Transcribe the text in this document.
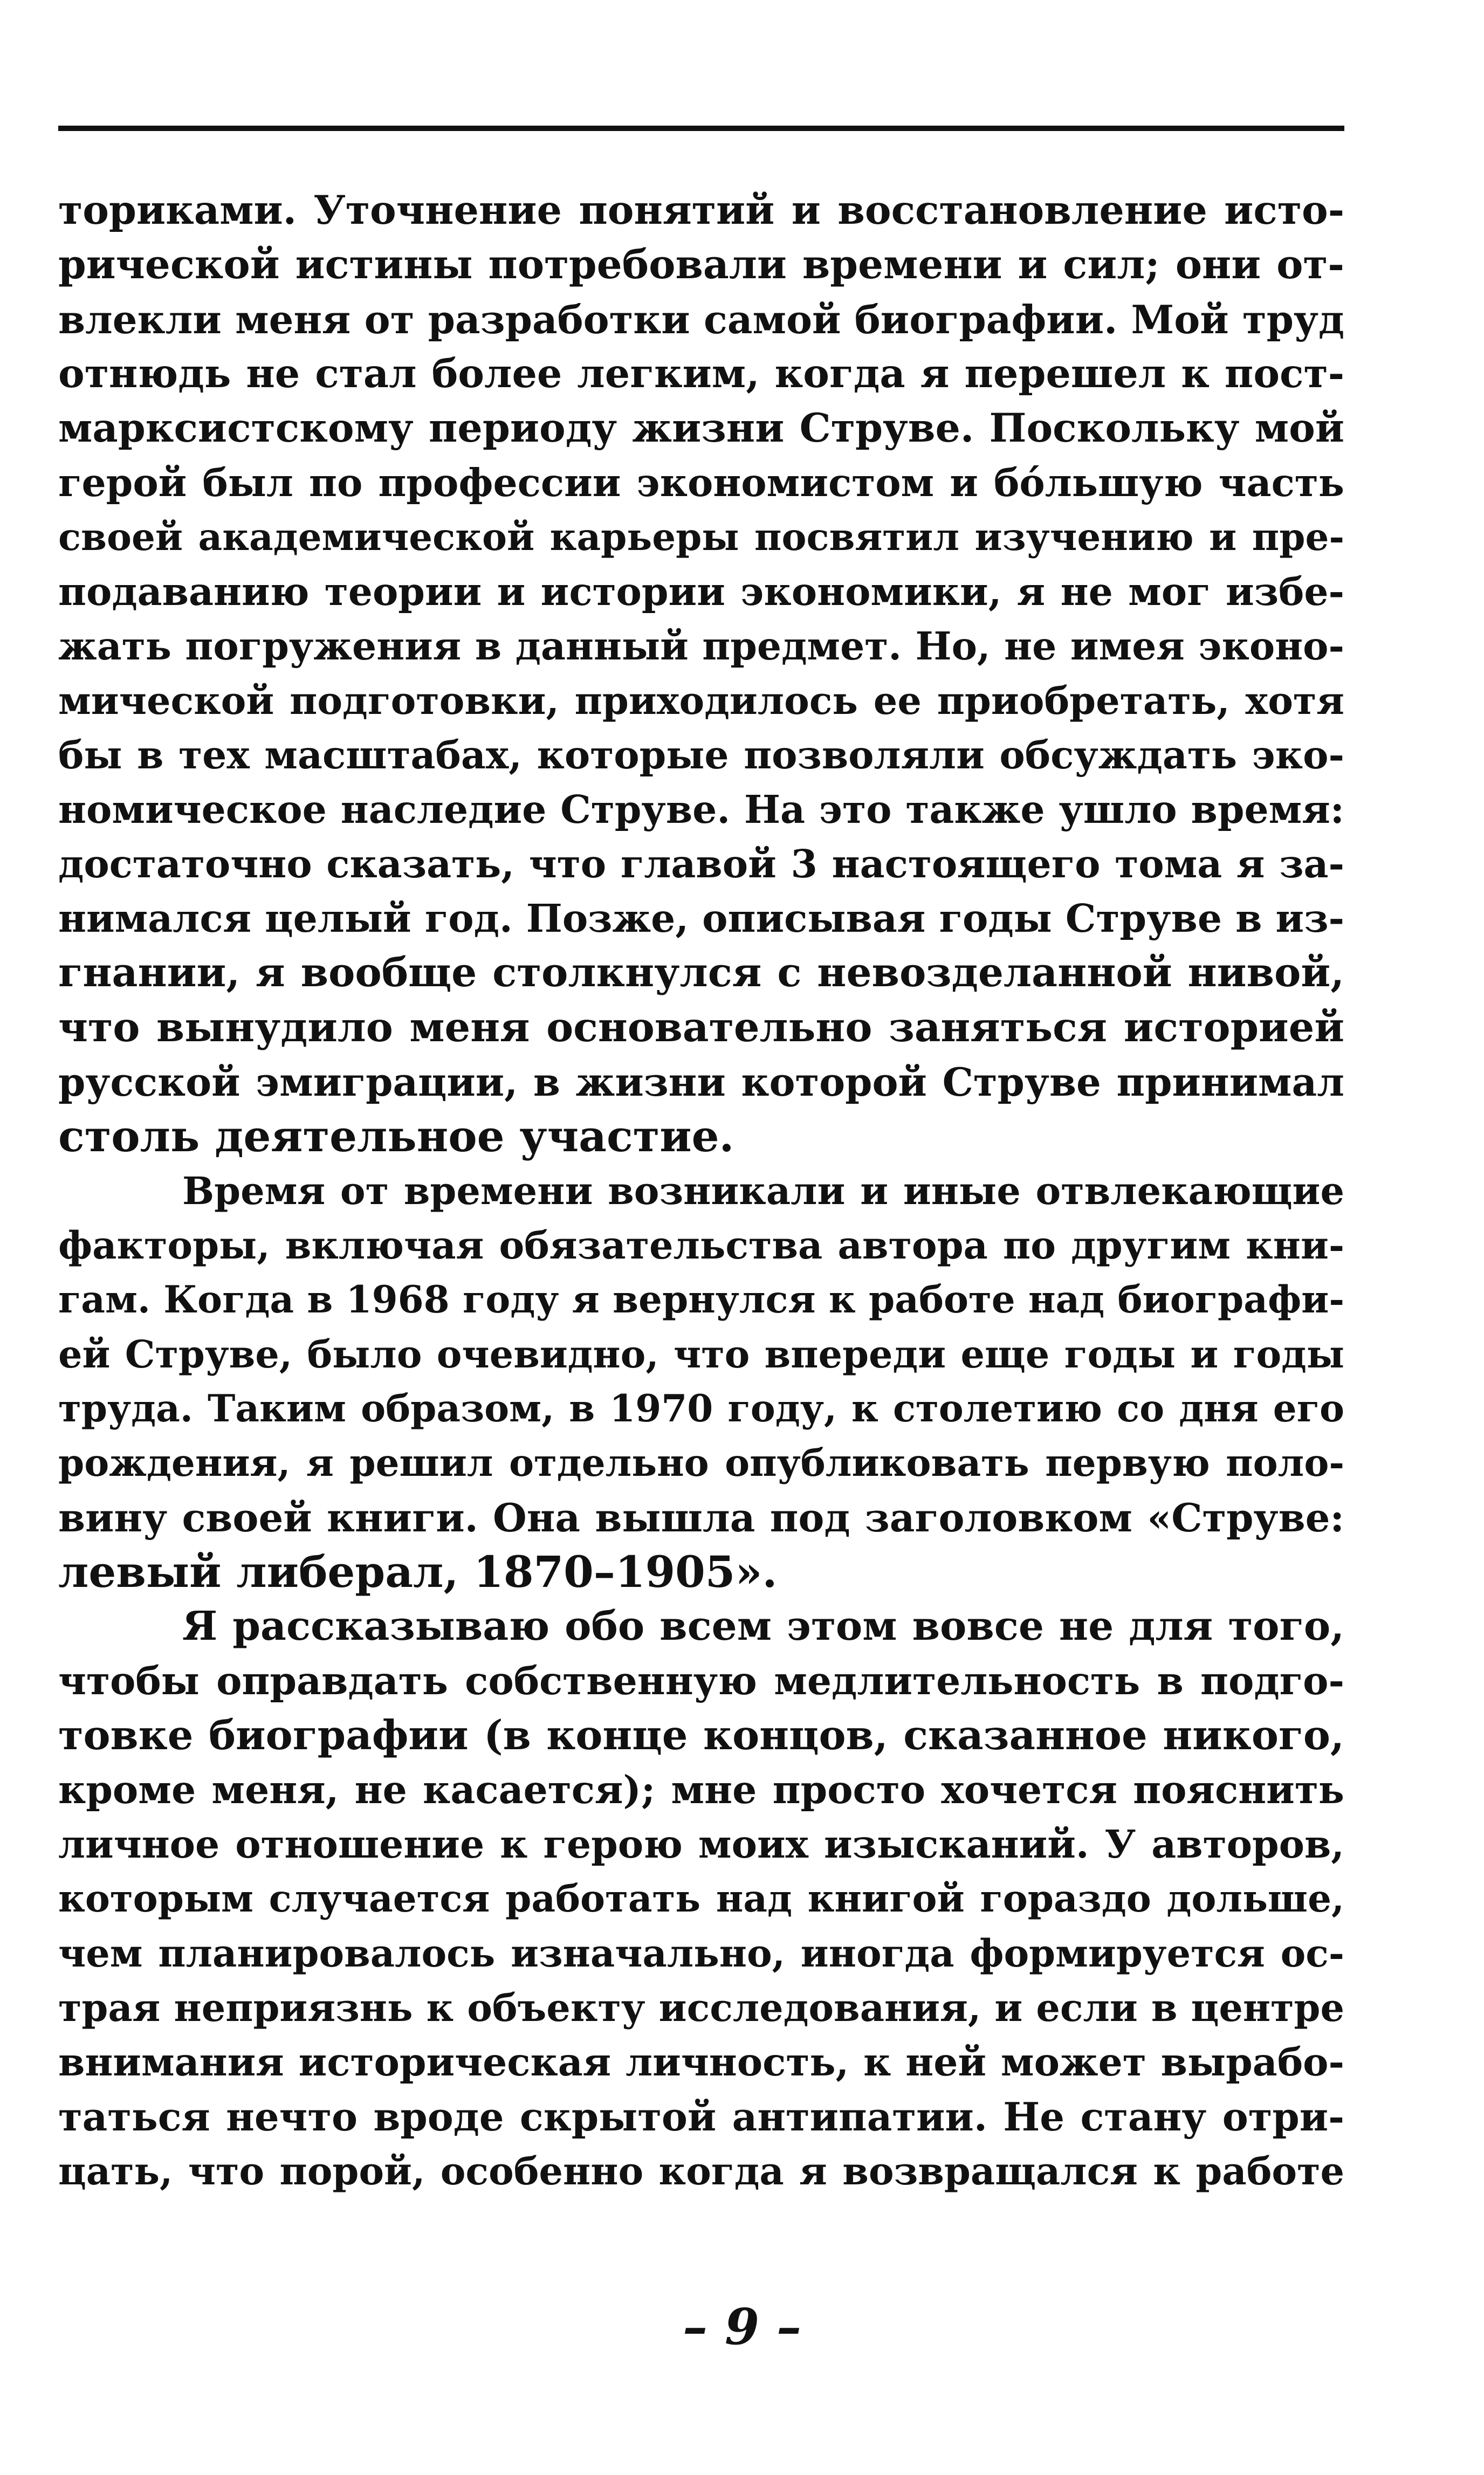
ториками. Уточнение понятий и восстановление исто-
рической истины потребовали времени и сил; они от-
влекли меня от разработки самой биографии. Мой труд
отнюдь не стал более легким, когда я перешел к пост-
марксистскому периоду жизни Струве. Поскольку мой
герой был по профессии экономистом и бо́льшую часть
своей академической карьеры посвятил изучению и пре-
подаванию теории и истории экономики, я не мог избе-
жать погружения в данный предмет. Но, не имея эконо-
мической подготовки, приходилось ее приобретать, хотя
бы в тех масштабах, которые позволяли обсуждать эко-
номическое наследие Струве. На это также ушло время:
достаточно сказать, что главой 3 настоящего тома я за-
нимался целый год. Позже, описывая годы Струве в из-
гнании, я вообще столкнулся с невозделанной нивой,
что вынудило меня основательно заняться историей
русской эмиграции, в жизни которой Струве принимал
столь деятельное участие.
Время от времени возникали и иные отвлекающие
факторы, включая обязательства автора по другим кни-
гам. Когда в 1968 году я вернулся к работе над биографи-
ей Струве, было очевидно, что впереди еще годы и годы
труда. Таким образом, в 1970 году, к столетию со дня его
рождения, я решил отдельно опубликовать первую поло-
вину своей книги. Она вышла под заголовком «Струве:
левый либерал, 1870–1905».
Я рассказываю обо всем этом вовсе не для того,
чтобы оправдать собственную медлительность в подго-
товке биографии (в конце концов, сказанное никого,
кроме меня, не касается); мне просто хочется пояснить
личное отношение к герою моих изысканий. У авторов,
которым случается работать над книгой гораздо дольше,
чем планировалось изначально, иногда формируется ос-
трая неприязнь к объекту исследования, и если в центре
внимания историческая личность, к ней может вырабо-
таться нечто вроде скрытой антипатии. Не стану отри-
цать, что порой, особенно когда я возвращался к работе
– 9 –
